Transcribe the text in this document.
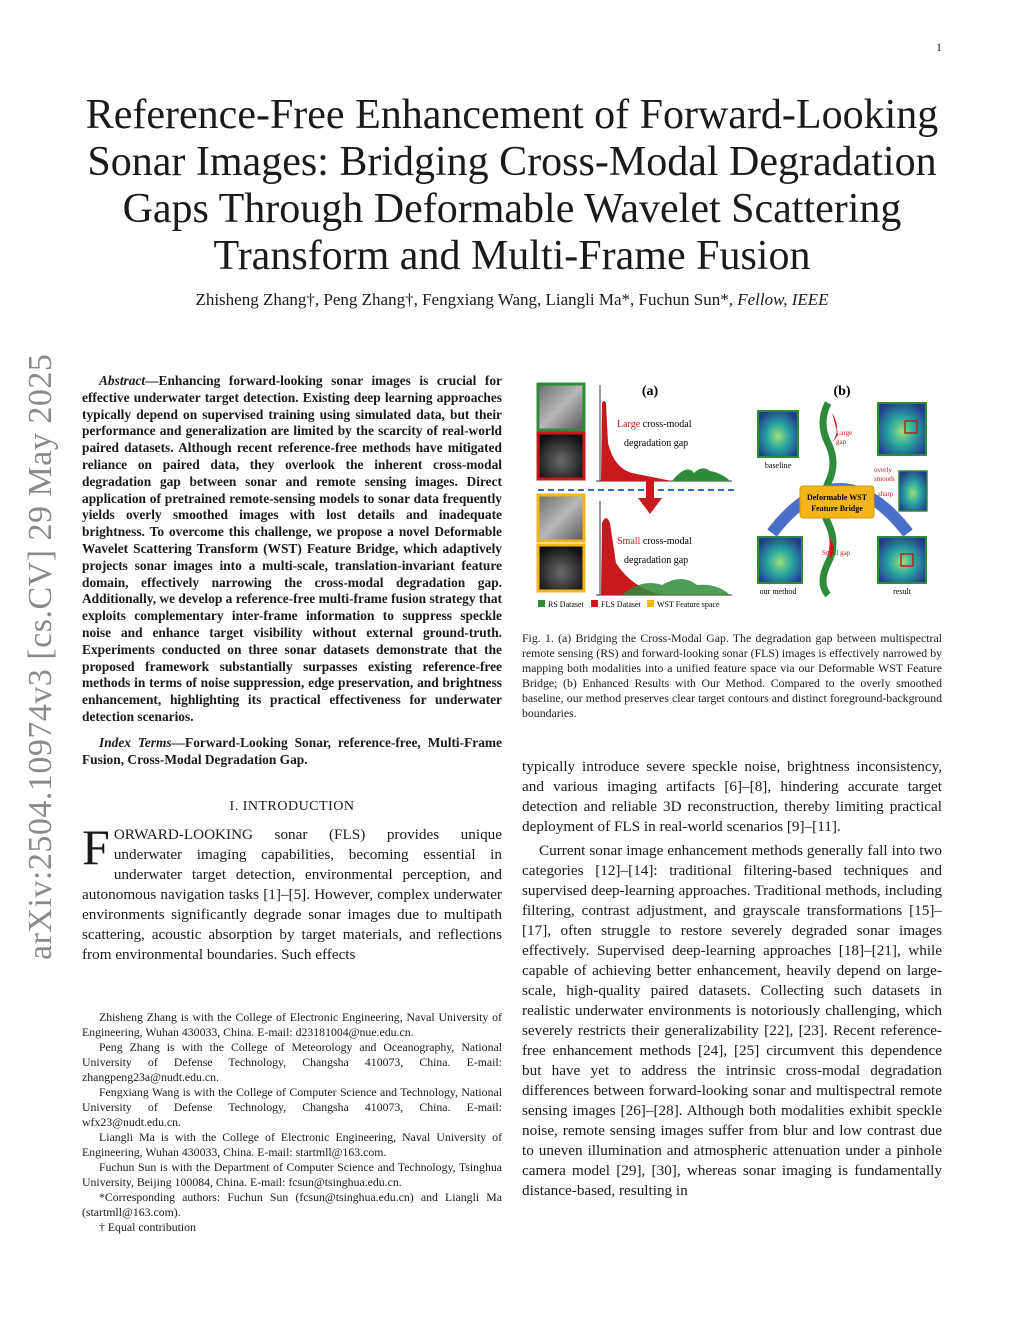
1
arXiv:2504.10974v3 [cs.CV] 29 May 2025
Reference-Free Enhancement of Forward-Looking Sonar Images: Bridging Cross-Modal Degradation Gaps Through Deformable Wavelet Scattering Transform and Multi-Frame Fusion
Zhisheng Zhang†, Peng Zhang†, Fengxiang Wang, Liangli Ma*, Fuchun Sun*, Fellow, IEEE

Abstract—Enhancing forward-looking sonar images is crucial for effective underwater target detection. Existing deep learning approaches typically depend on supervised training using simulated data, but their performance and generalization are limited by the scarcity of real-world paired datasets. Although recent reference-free methods have mitigated reliance on paired data, they overlook the inherent cross-modal degradation gap between sonar and remote sensing images. Direct application of pretrained remote-sensing models to sonar data frequently yields overly smoothed images with lost details and inadequate brightness. To overcome this challenge, we propose a novel Deformable Wavelet Scattering Transform (WST) Feature Bridge, which adaptively projects sonar images into a multi-scale, translation-invariant feature domain, effectively narrowing the cross-modal degradation gap. Additionally, we develop a reference-free multi-frame fusion strategy that exploits complementary inter-frame information to suppress speckle noise and enhance target visibility without external ground-truth. Experiments conducted on three sonar datasets demonstrate that the proposed framework substantially surpasses existing reference-free methods in terms of noise suppression, edge preservation, and brightness enhancement, highlighting its practical effectiveness for underwater detection scenarios.

Index Terms—Forward-Looking Sonar, reference-free, Multi-Frame Fusion, Cross-Modal Degradation Gap.

I. INTRODUCTION

FORWARD-LOOKING sonar (FLS) provides unique underwater imaging capabilities, becoming essential in underwater target detection, environmental perception, and autonomous navigation tasks [1]–[5]. However, complex underwater environments significantly degrade sonar images due to multipath scattering, acoustic absorption by target materials, and reflections from environmental boundaries. Such effects

Zhisheng Zhang is with the College of Electronic Engineering, Naval University of Engineering, Wuhan 430033, China. E-mail: d23181004@nue.edu.cn.

Peng Zhang is with the College of Meteorology and Oceanography, National University of Defense Technology, Changsha 410073, China. E-mail: zhangpeng23a@nudt.edu.cn.

Fengxiang Wang is with the College of Computer Science and Technology, National University of Defense Technology, Changsha 410073, China. E-mail: wfx23@nudt.edu.cn.

Liangli Ma is with the College of Electronic Engineering, Naval University of Engineering, Wuhan 430033, China. E-mail: startmll@163.com.

Fuchun Sun is with the Department of Computer Science and Technology, Tsinghua University, Beijing 100084, China. E-mail: fcsun@tsinghua.edu.cn.

*Corresponding authors: Fuchun Sun (fcsun@tsinghua.edu.cn) and Liangli Ma (startmll@163.com).

† Equal contribution

(a)	(b)
Large cross-modal
degradation gap
Small cross-modal
degradation gap
RS Dataset FLS Dataset WST Feature space
baseline	overly
smooth
sharp
Large
gap
Small gap
Deformable WST
Feature Bridge
our method	result

Fig. 1. (a) Bridging the Cross-Modal Gap. The degradation gap between multispectral remote sensing (RS) and forward-looking sonar (FLS) images is effectively narrowed by mapping both modalities into a unified feature space via our Deformable WST Feature Bridge; (b) Enhanced Results with Our Method. Compared to the overly smoothed baseline, our method preserves clear target contours and distinct foreground-background boundaries.

typically introduce severe speckle noise, brightness inconsistency, and various imaging artifacts [6]–[8], hindering accurate target detection and reliable 3D reconstruction, thereby limiting practical deployment of FLS in real-world scenarios [9]–[11].

Current sonar image enhancement methods generally fall into two categories [12]–[14]: traditional filtering-based techniques and supervised deep-learning approaches. Traditional methods, including filtering, contrast adjustment, and grayscale transformations [15]–[17], often struggle to restore severely degraded sonar images effectively. Supervised deep-learning approaches [18]–[21], while capable of achieving better enhancement, heavily depend on large-scale, high-quality paired datasets. Collecting such datasets in realistic underwater environments is notoriously challenging, which severely restricts their generalizability [22], [23]. Recent reference-free enhancement methods [24], [25] circumvent this dependence but have yet to address the intrinsic cross-modal degradation differences between forward-looking sonar and multispectral remote sensing images [26]–[28]. Although both modalities exhibit speckle noise, remote sensing images suffer from blur and low contrast due to uneven illumination and atmospheric attenuation under a pinhole camera model [29], [30], whereas sonar imaging is fundamentally distance-based, resulting in
